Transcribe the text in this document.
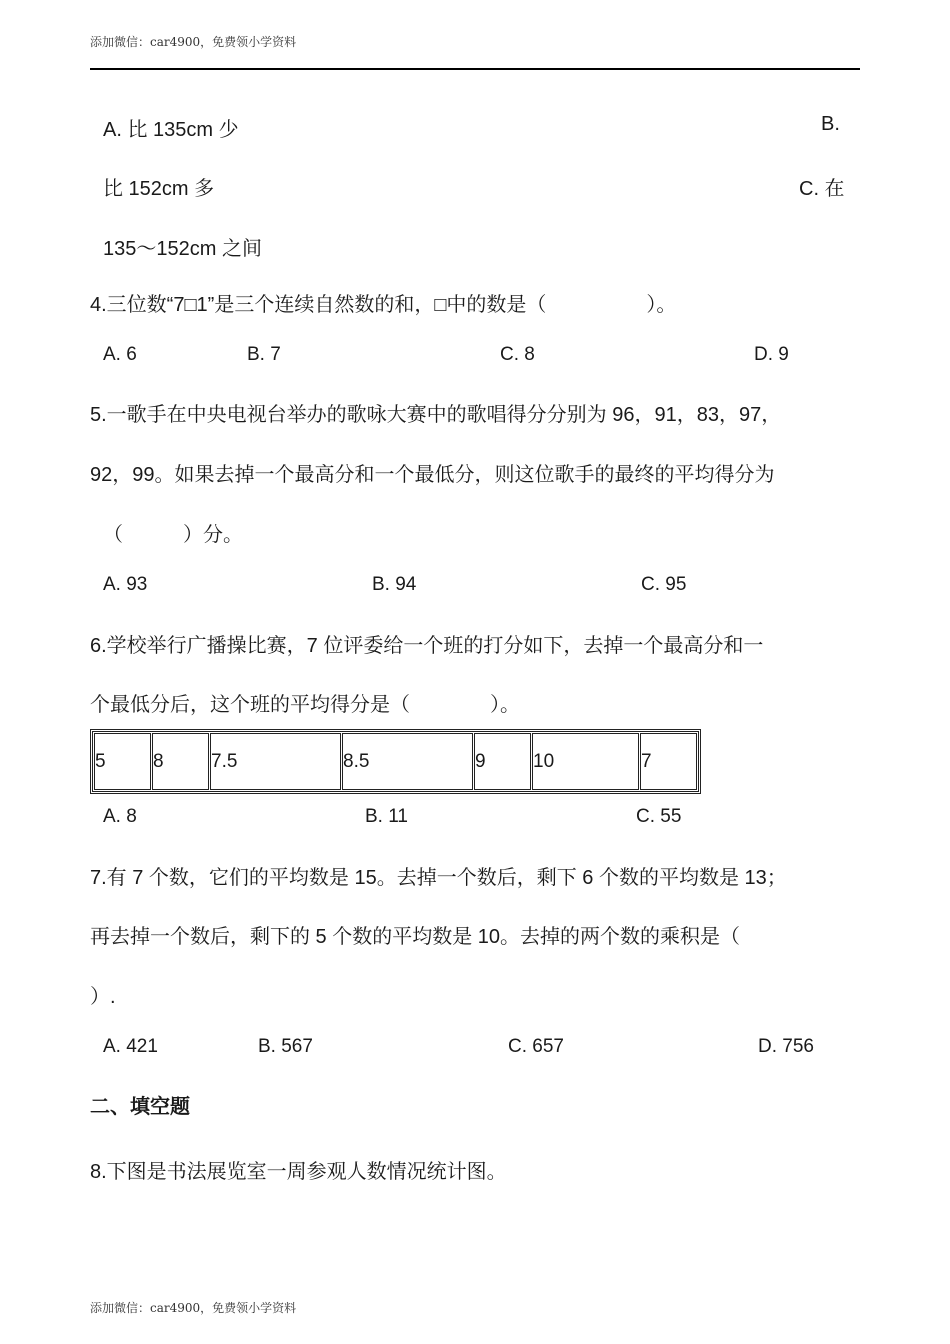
添加微信：car4900，免费领小学资料
A. 比 135cm 少	B.
比 152cm 多	C. 在
135～152cm 之间
4.三位数“7□1”是三个连续自然数的和，□中的数是（　　　　　）。
A. 6	B. 7	C. 8	D. 9
5.一歌手在中央电视台举办的歌咏大赛中的歌唱得分分别为 96，91，83，97，
92，99。如果去掉一个最高分和一个最低分，则这位歌手的最终的平均得分为
（　　　）分。
A. 93	B. 94	C. 95
6.学校举行广播操比赛，7 位评委给一个班的打分如下，去掉一个最高分和一
个最低分后，这个班的平均得分是（　　　　）。
5	8	7.5	8.5	9	10	7
A. 8	B. 11	C. 55
7.有 7 个数，它们的平均数是 15。去掉一个数后，剩下 6 个数的平均数是 13；
再去掉一个数后，剩下的 5 个数的平均数是 10。去掉的两个数的乘积是（
）.
A. 421	B. 567	C. 657	D. 756
二、填空题
8.下图是书法展览室一周参观人数情况统计图。
添加微信：car4900，免费领小学资料
